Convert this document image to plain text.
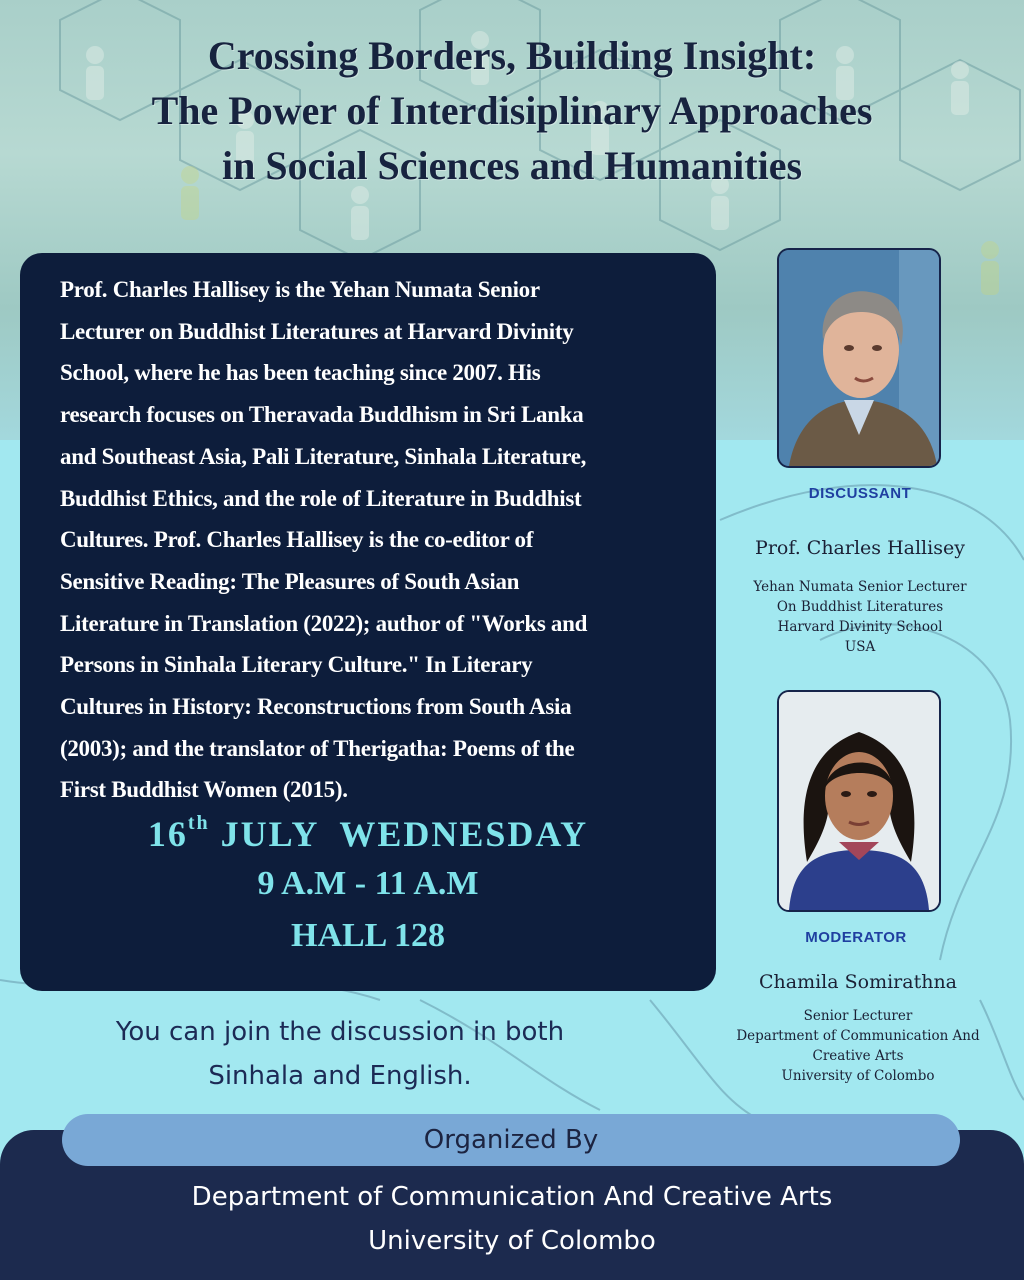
Crossing Borders, Building Insight:
The Power of Interdisiplinary Approaches
in Social Sciences and Humanities
Prof. Charles Hallisey is the Yehan Numata Senior
Lecturer on Buddhist Literatures at Harvard Divinity
School, where he has been teaching since 2007. His
research focuses on Theravada Buddhism in Sri Lanka
and Southeast Asia, Pali Literature, Sinhala Literature,
Buddhist Ethics, and the role of Literature in Buddhist
Cultures. Prof. Charles Hallisey is the co-editor of
Sensitive Reading: The Pleasures of South Asian
Literature in Translation (2022); author of "Works and
Persons in Sinhala Literary Culture." In Literary
Cultures in History: Reconstructions from South Asia
(2003); and the translator of Therigatha: Poems of the
First Buddhist Women (2015).
16th JULY  WEDNESDAY
9 A.M - 11 A.M
HALL 128
DISCUSSANT
Prof. Charles Hallisey
Yehan Numata Senior Lecturer
On Buddhist Literatures
Harvard Divinity School
USA
MODERATOR
Chamila Somirathna
Senior Lecturer
Department of Communication And
Creative Arts
University of Colombo
You can join the discussion in both
Sinhala and English.
Organized By
Department of Communication And Creative Arts
University of Colombo
